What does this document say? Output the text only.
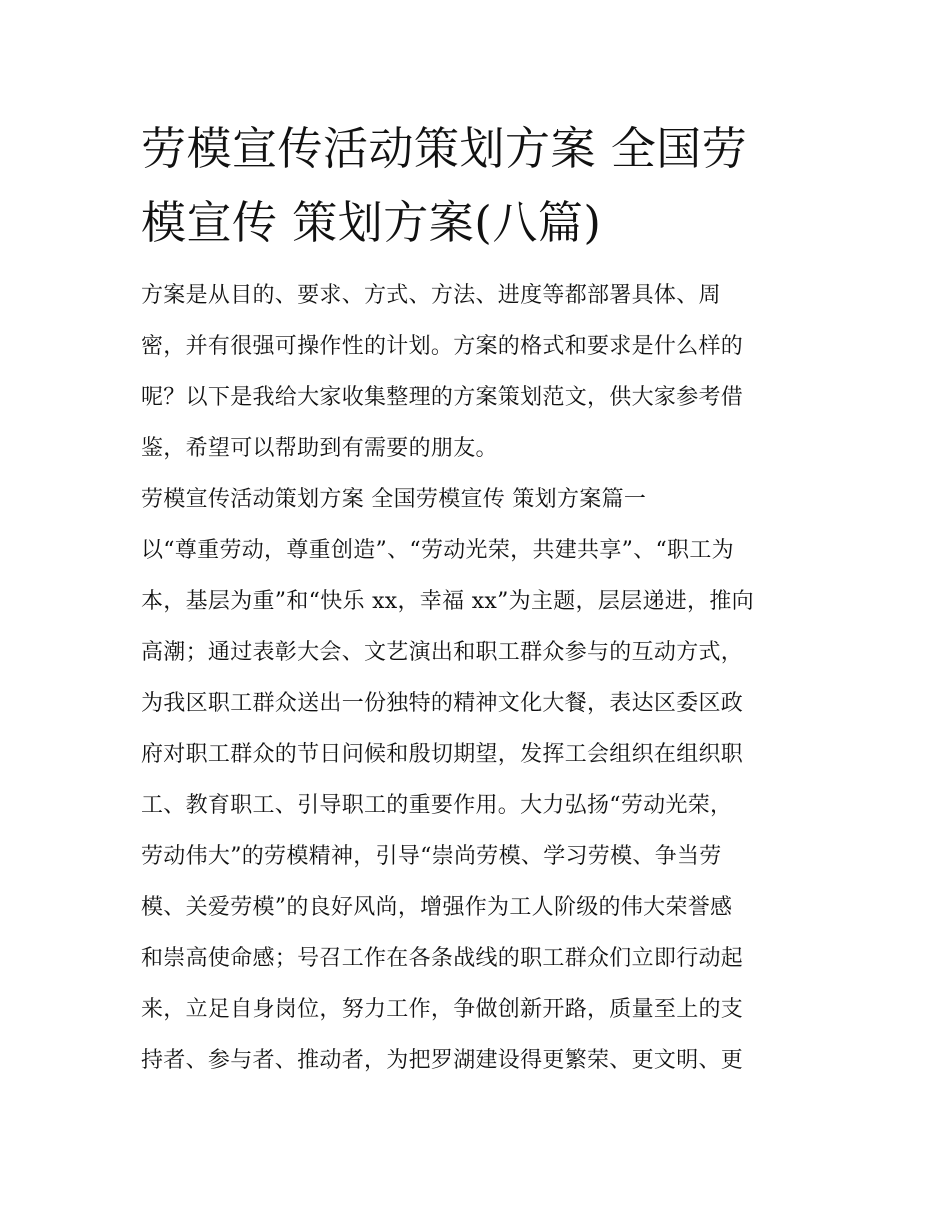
劳模宣传活动策划方案 全国劳
模宣传 策划方案(八篇)
方案是从目的、要求、方式、方法、进度等都部署具体、周
密，并有很强可操作性的计划。方案的格式和要求是什么样的
呢？以下是我给大家收集整理的方案策划范文，供大家参考借
鉴，希望可以帮助到有需要的朋友。
劳模宣传活动策划方案 全国劳模宣传 策划方案篇一
以“尊重劳动，尊重创造”、“劳动光荣，共建共享”、“职工为
本，基层为重”和“快乐 xx，幸福 xx”为主题，层层递进，推向
高潮；通过表彰大会、文艺演出和职工群众参与的互动方式，
为我区职工群众送出一份独特的精神文化大餐，表达区委区政
府对职工群众的节日问候和殷切期望，发挥工会组织在组织职
工、教育职工、引导职工的重要作用。大力弘扬“劳动光荣，
劳动伟大”的劳模精神，引导“崇尚劳模、学习劳模、争当劳
模、关爱劳模”的良好风尚，增强作为工人阶级的伟大荣誉感
和崇高使命感；号召工作在各条战线的职工群众们立即行动起
来，立足自身岗位，努力工作，争做创新开路，质量至上的支
持者、参与者、推动者，为把罗湖建设得更繁荣、更文明、更
